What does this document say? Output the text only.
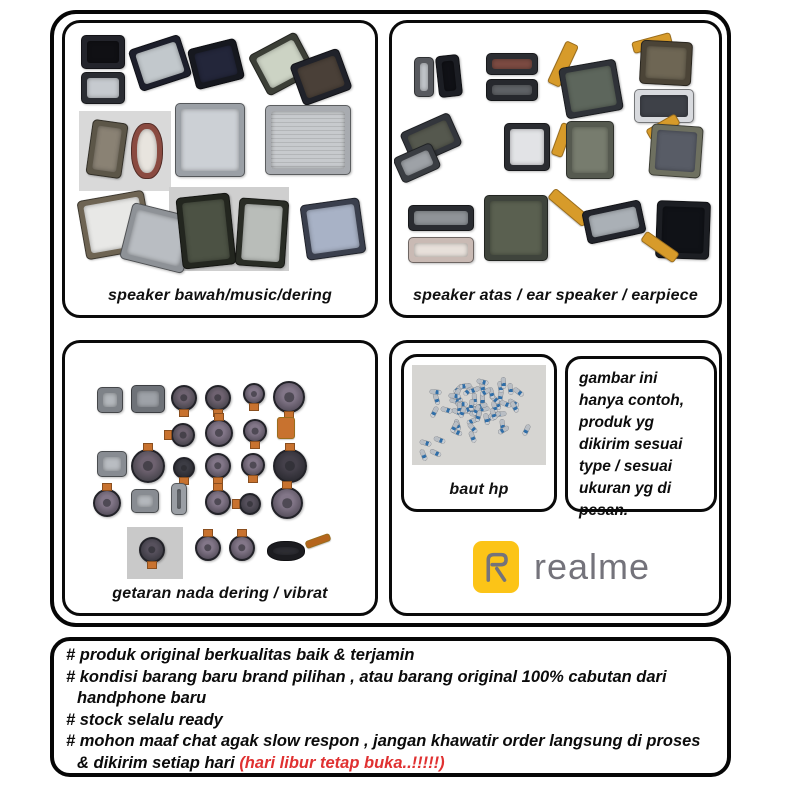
speaker bawah/music/dering	speaker atas / ear speaker / earpiece
getaran nada dering / vibrat
baut hp
gambar ini hanya contoh, produk yg dikirim sesuai type / sesuai ukuran yg di pesan.
realme
# produk original berkualitas baik & terjamin
# kondisi barang baru brand pilihan , atau barang original 100% cabutan dari
handphone baru
# stock selalu ready
# mohon maaf chat agak slow respon , jangan khawatir order langsung di proses
& dikirim setiap hari (hari libur tetap buka..!!!!!)
